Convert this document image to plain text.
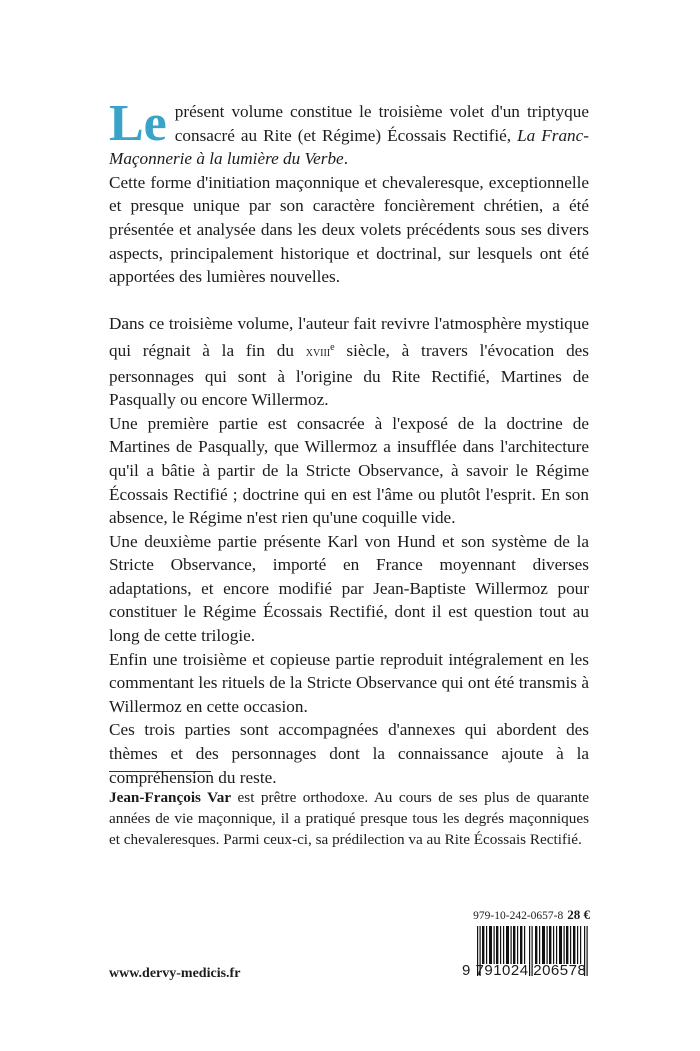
Le présent volume constitue le troisième volet d'un triptyque consacré au Rite (et Régime) Écossais Rectifié, La Franc-Maçonnerie à la lumière du Verbe.

Cette forme d'initiation maçonnique et chevaleresque, exceptionnelle et presque unique par son caractère foncièrement chrétien, a été présentée et analysée dans les deux volets précédents sous ses divers aspects, principalement historique et doctrinal, sur lesquels ont été apportées des lumières nouvelles.

Dans ce troisième volume, l'auteur fait revivre l'atmosphère mystique qui régnait à la fin du xviii$^e$ siècle, à travers l'évocation des personnages qui sont à l'origine du Rite Rectifié, Martines de Pasqually ou encore Willermoz.

Une première partie est consacrée à l'exposé de la doctrine de Martines de Pasqually, que Willermoz a insufflée dans l'architecture qu'il a bâtie à partir de la Stricte Observance, à savoir le Régime Écossais Rectifié ; doctrine qui en est l'âme ou plutôt l'esprit. En son absence, le Régime n'est rien qu'une coquille vide.

Une deuxième partie présente Karl von Hund et son système de la Stricte Observance, importé en France moyennant diverses adaptations, et encore modifié par Jean-Baptiste Willermoz pour constituer le Régime Écossais Rectifié, dont il est question tout au long de cette trilogie.

Enfin une troisième et copieuse partie reproduit intégralement en les commentant les rituels de la Stricte Observance qui ont été transmis à Willermoz en cette occasion.

Ces trois parties sont accompagnées d'annexes qui abordent des thèmes et des personnages dont la connaissance ajoute à la compréhension du reste.

Jean-François Var est prêtre orthodoxe. Au cours de ses plus de quarante années de vie maçonnique, il a pratiqué presque tous les degrés maçonniques et chevaleresques. Parmi ceux-ci, sa prédilection va au Rite Écossais Rectifié.
www.dervy-medicis.fr
979-10-242-0657-8 28 €
9 791024 206578
